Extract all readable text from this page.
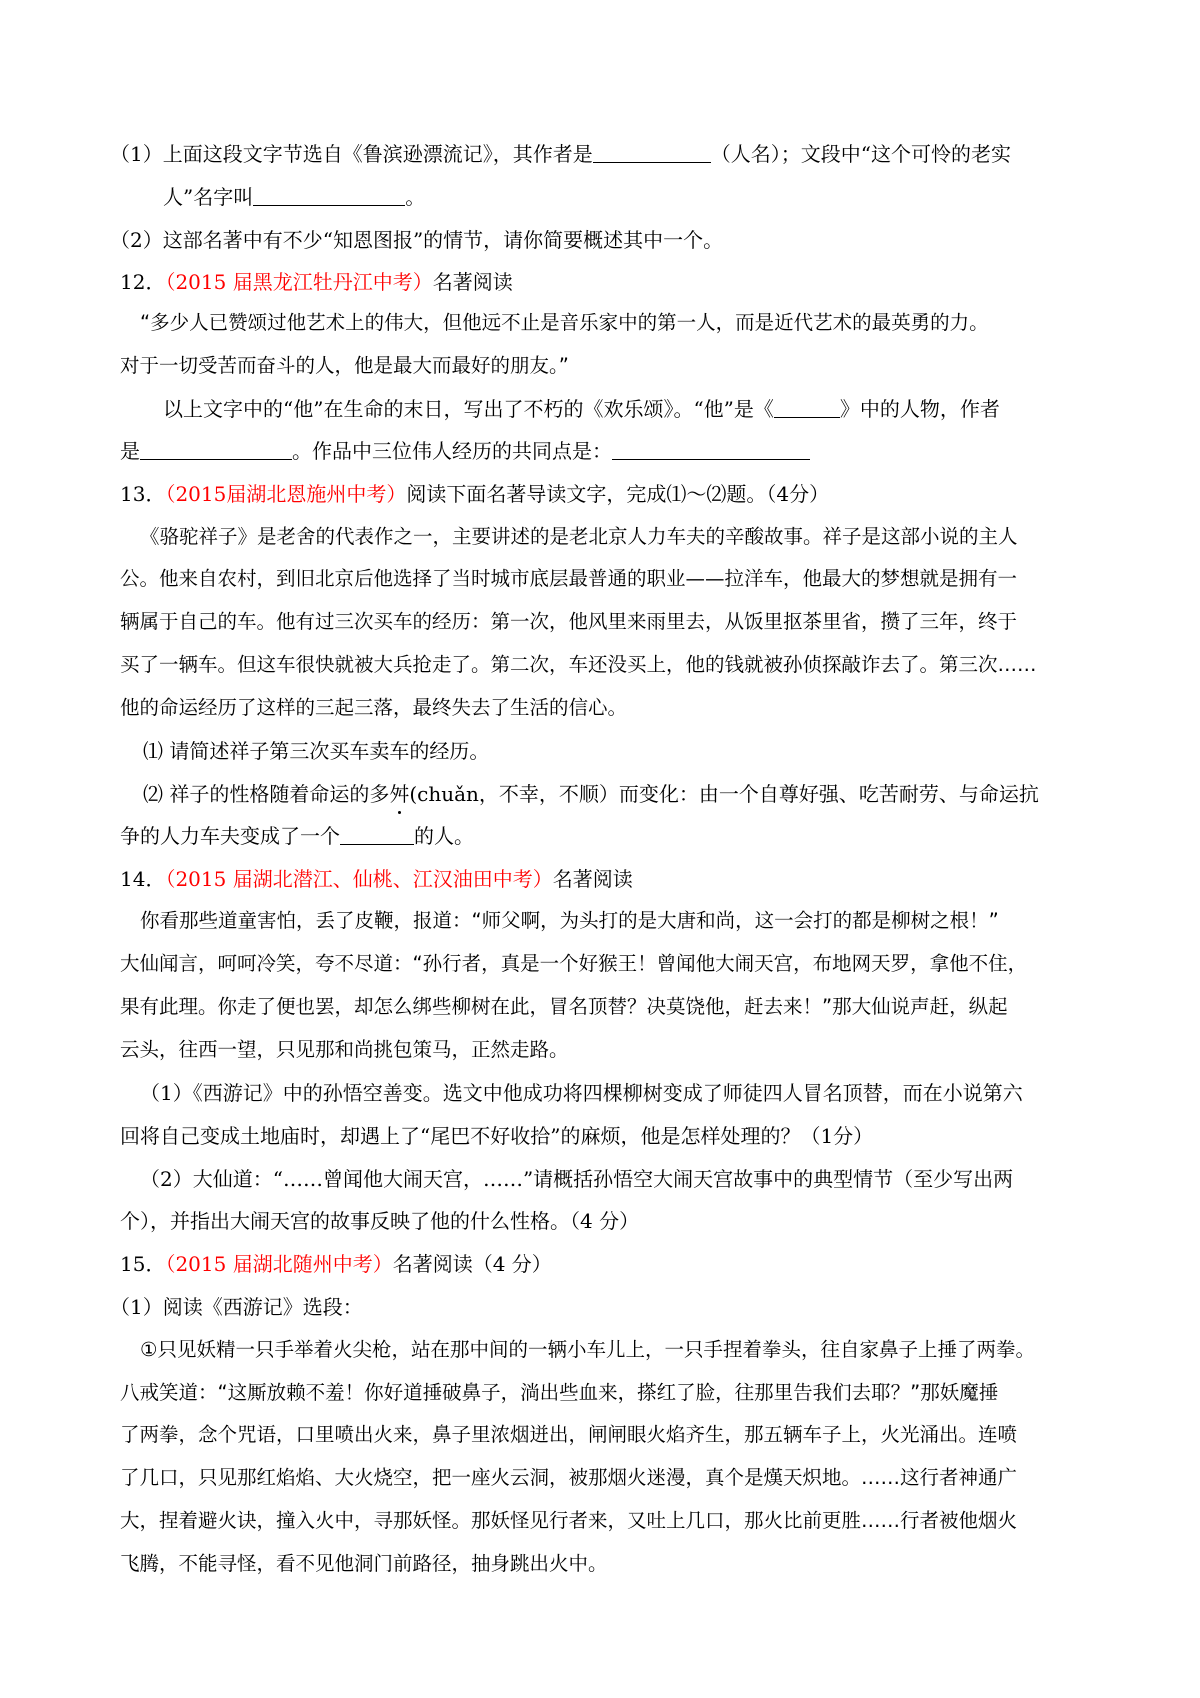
（1）上面这段文字节选自《鲁滨逊漂流记》，其作者是	（人名）；文段中“这个可怜的老实
人”名字叫	。
（2）这部名著中有不少“知恩图报”的情节，请你简要概述其中一个。
12．（2015 届黑龙江牡丹江中考）名著阅读
“多少人已赞颂过他艺术上的伟大，但他远不止是音乐家中的第一人，而是近代艺术的最英勇的力。
对于一切受苦而奋斗的人，他是最大而最好的朋友。”
以上文字中的“他”在生命的末日，写出了不朽的《欢乐颂》。“他”是《	》中的人物，作者
是	。作品中三位伟人经历的共同点是：
13．（2015届湖北恩施州中考）阅读下面名著导读文字，完成⑴～⑵题。（4分）
《骆驼祥子》是老舍的代表作之一，主要讲述的是老北京人力车夫的辛酸故事。祥子是这部小说的主人
公。他来自农村，到旧北京后他选择了当时城市底层最普通的职业——拉洋车，他最大的梦想就是拥有一
辆属于自己的车。他有过三次买车的经历：第一次，他风里来雨里去，从饭里抠茶里省，攒了三年，终于
买了一辆车。但这车很快就被大兵抢走了。第二次，车还没买上，他的钱就被孙侦探敲诈去了。第三次……
他的命运经历了这样的三起三落，最终失去了生活的信心。
⑴ 请简述祥子第三次买车卖车的经历。
⑵ 祥子的性格随着命运的多舛(chuǎn，不幸，不顺）而变化：由一个自尊好强、吃苦耐劳、与命运抗
争的人力车夫变成了一个	的人。
14．（2015 届湖北潜江、仙桃、江汉油田中考）名著阅读
你看那些道童害怕，丢了皮鞭，报道：“师父啊，为头打的是大唐和尚，这一会打的都是柳树之根！”
大仙闻言，呵呵冷笑，夸不尽道：“孙行者，真是一个好猴王！曾闻他大闹天宫，布地网天罗，拿他不住，
果有此理。你走了便也罢，却怎么绑些柳树在此，冒名顶替？决莫饶他，赶去来！”那大仙说声赶，纵起
云头，往西一望，只见那和尚挑包策马，正然走路。
（1）《西游记》中的孙悟空善变。选文中他成功将四棵柳树变成了师徒四人冒名顶替，而在小说第六
回将自己变成土地庙时，却遇上了“尾巴不好收拾”的麻烦，他是怎样处理的？（1分）
（2）大仙道：“……曾闻他大闹天宫，……”请概括孙悟空大闹天宫故事中的典型情节（至少写出两
个），并指出大闹天宫的故事反映了他的什么性格。（4 分）
15．（2015 届湖北随州中考）名著阅读（4 分）
（1）阅读《西游记》选段：
①只见妖精一只手举着火尖枪，站在那中间的一辆小车儿上，一只手捏着拳头，往自家鼻子上捶了两拳。
八戒笑道：“这厮放赖不羞！你好道捶破鼻子，淌出些血来，搽红了脸，往那里告我们去耶？”那妖魔捶
了两拳，念个咒语，口里喷出火来，鼻子里浓烟迸出，闸闸眼火焰齐生，那五辆车子上，火光涌出。连喷
了几口，只见那红焰焰、大火烧空，把一座火云洞，被那烟火迷漫，真个是熯天炽地。……这行者神通广
大，捏着避火诀，撞入火中，寻那妖怪。那妖怪见行者来，又吐上几口，那火比前更胜……行者被他烟火
飞腾，不能寻怪，看不见他洞门前路径，抽身跳出火中。
